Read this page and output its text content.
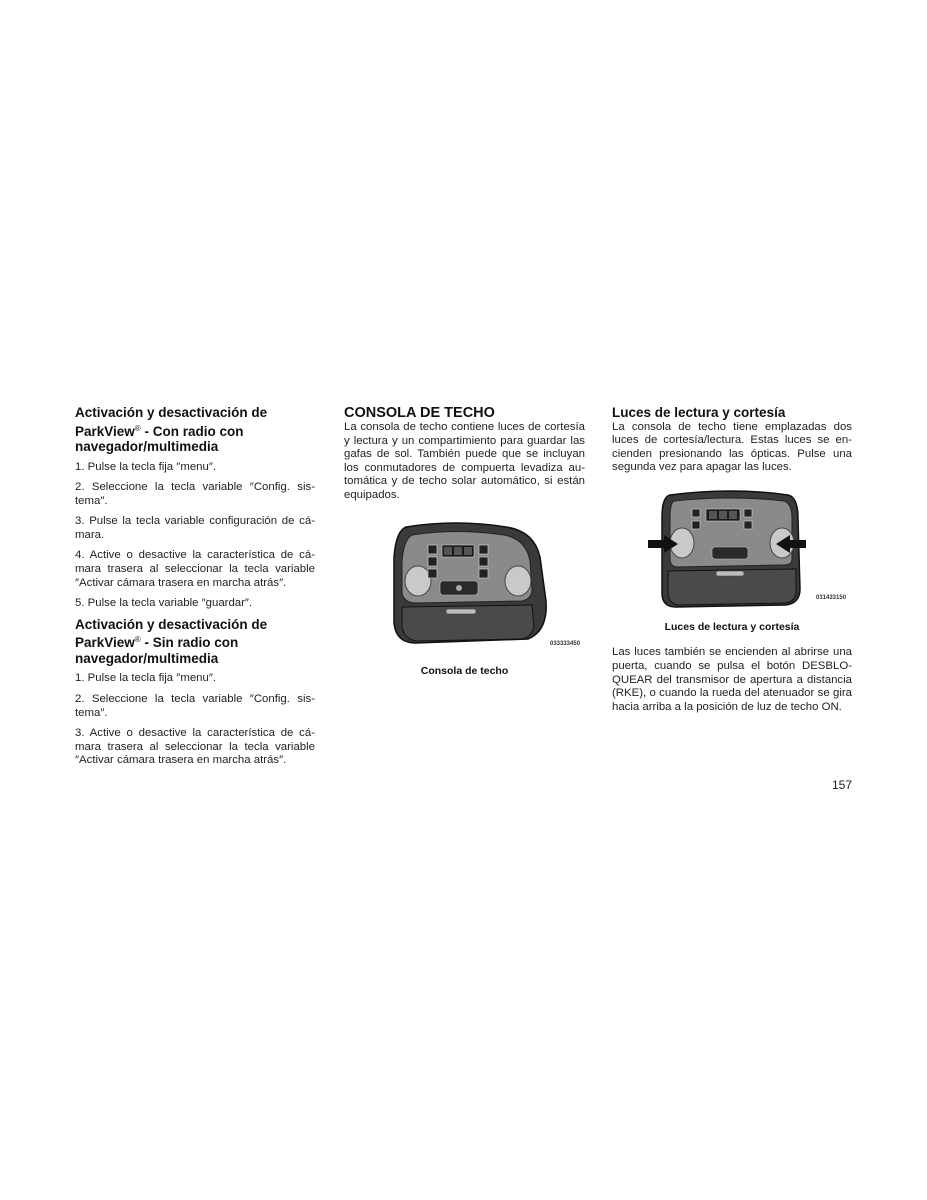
Activación y desactivación de
ParkView® - Con radio con
navegador/multimedia

1. Pulse la tecla fija ″menu″.

2. Seleccione la tecla variable ″Config. sis-tema″.

3. Pulse la tecla variable configuración de cá-mara.

4. Active o desactive la característica de cá-mara trasera al seleccionar la tecla variable ″Activar cámara trasera en marcha atrás″.

5. Pulse la tecla variable ″guardar″.

Activación y desactivación de
ParkView® - Sin radio con
navegador/multimedia

1. Pulse la tecla fija ″menu″.

2. Seleccione la tecla variable ″Config. sis-tema″.

3. Active o desactive la característica de cá-mara trasera al seleccionar la tecla variable ″Activar cámara trasera en marcha atrás″.

CONSOLA DE TECHO

La consola de techo contiene luces de cortesía y lectura y un compartimiento para guardar las gafas de sol. También puede que se incluyan los conmutadores de compuerta levadiza au-tomática y de techo solar automático, si están equipados.

033333450

Consola de techo

Luces de lectura y cortesía

La consola de techo tiene emplazadas dos luces de cortesía/lectura. Estas luces se en-cienden presionando las ópticas. Pulse una segunda vez para apagar las luces.

031433150

Luces de lectura y cortesía

Las luces también se encienden al abrirse una puerta, cuando se pulsa el botón DESBLO-QUEAR del transmisor de apertura a distancia (RKE), o cuando la rueda del atenuador se gira hacia arriba a la posición de luz de techo ON.

157
